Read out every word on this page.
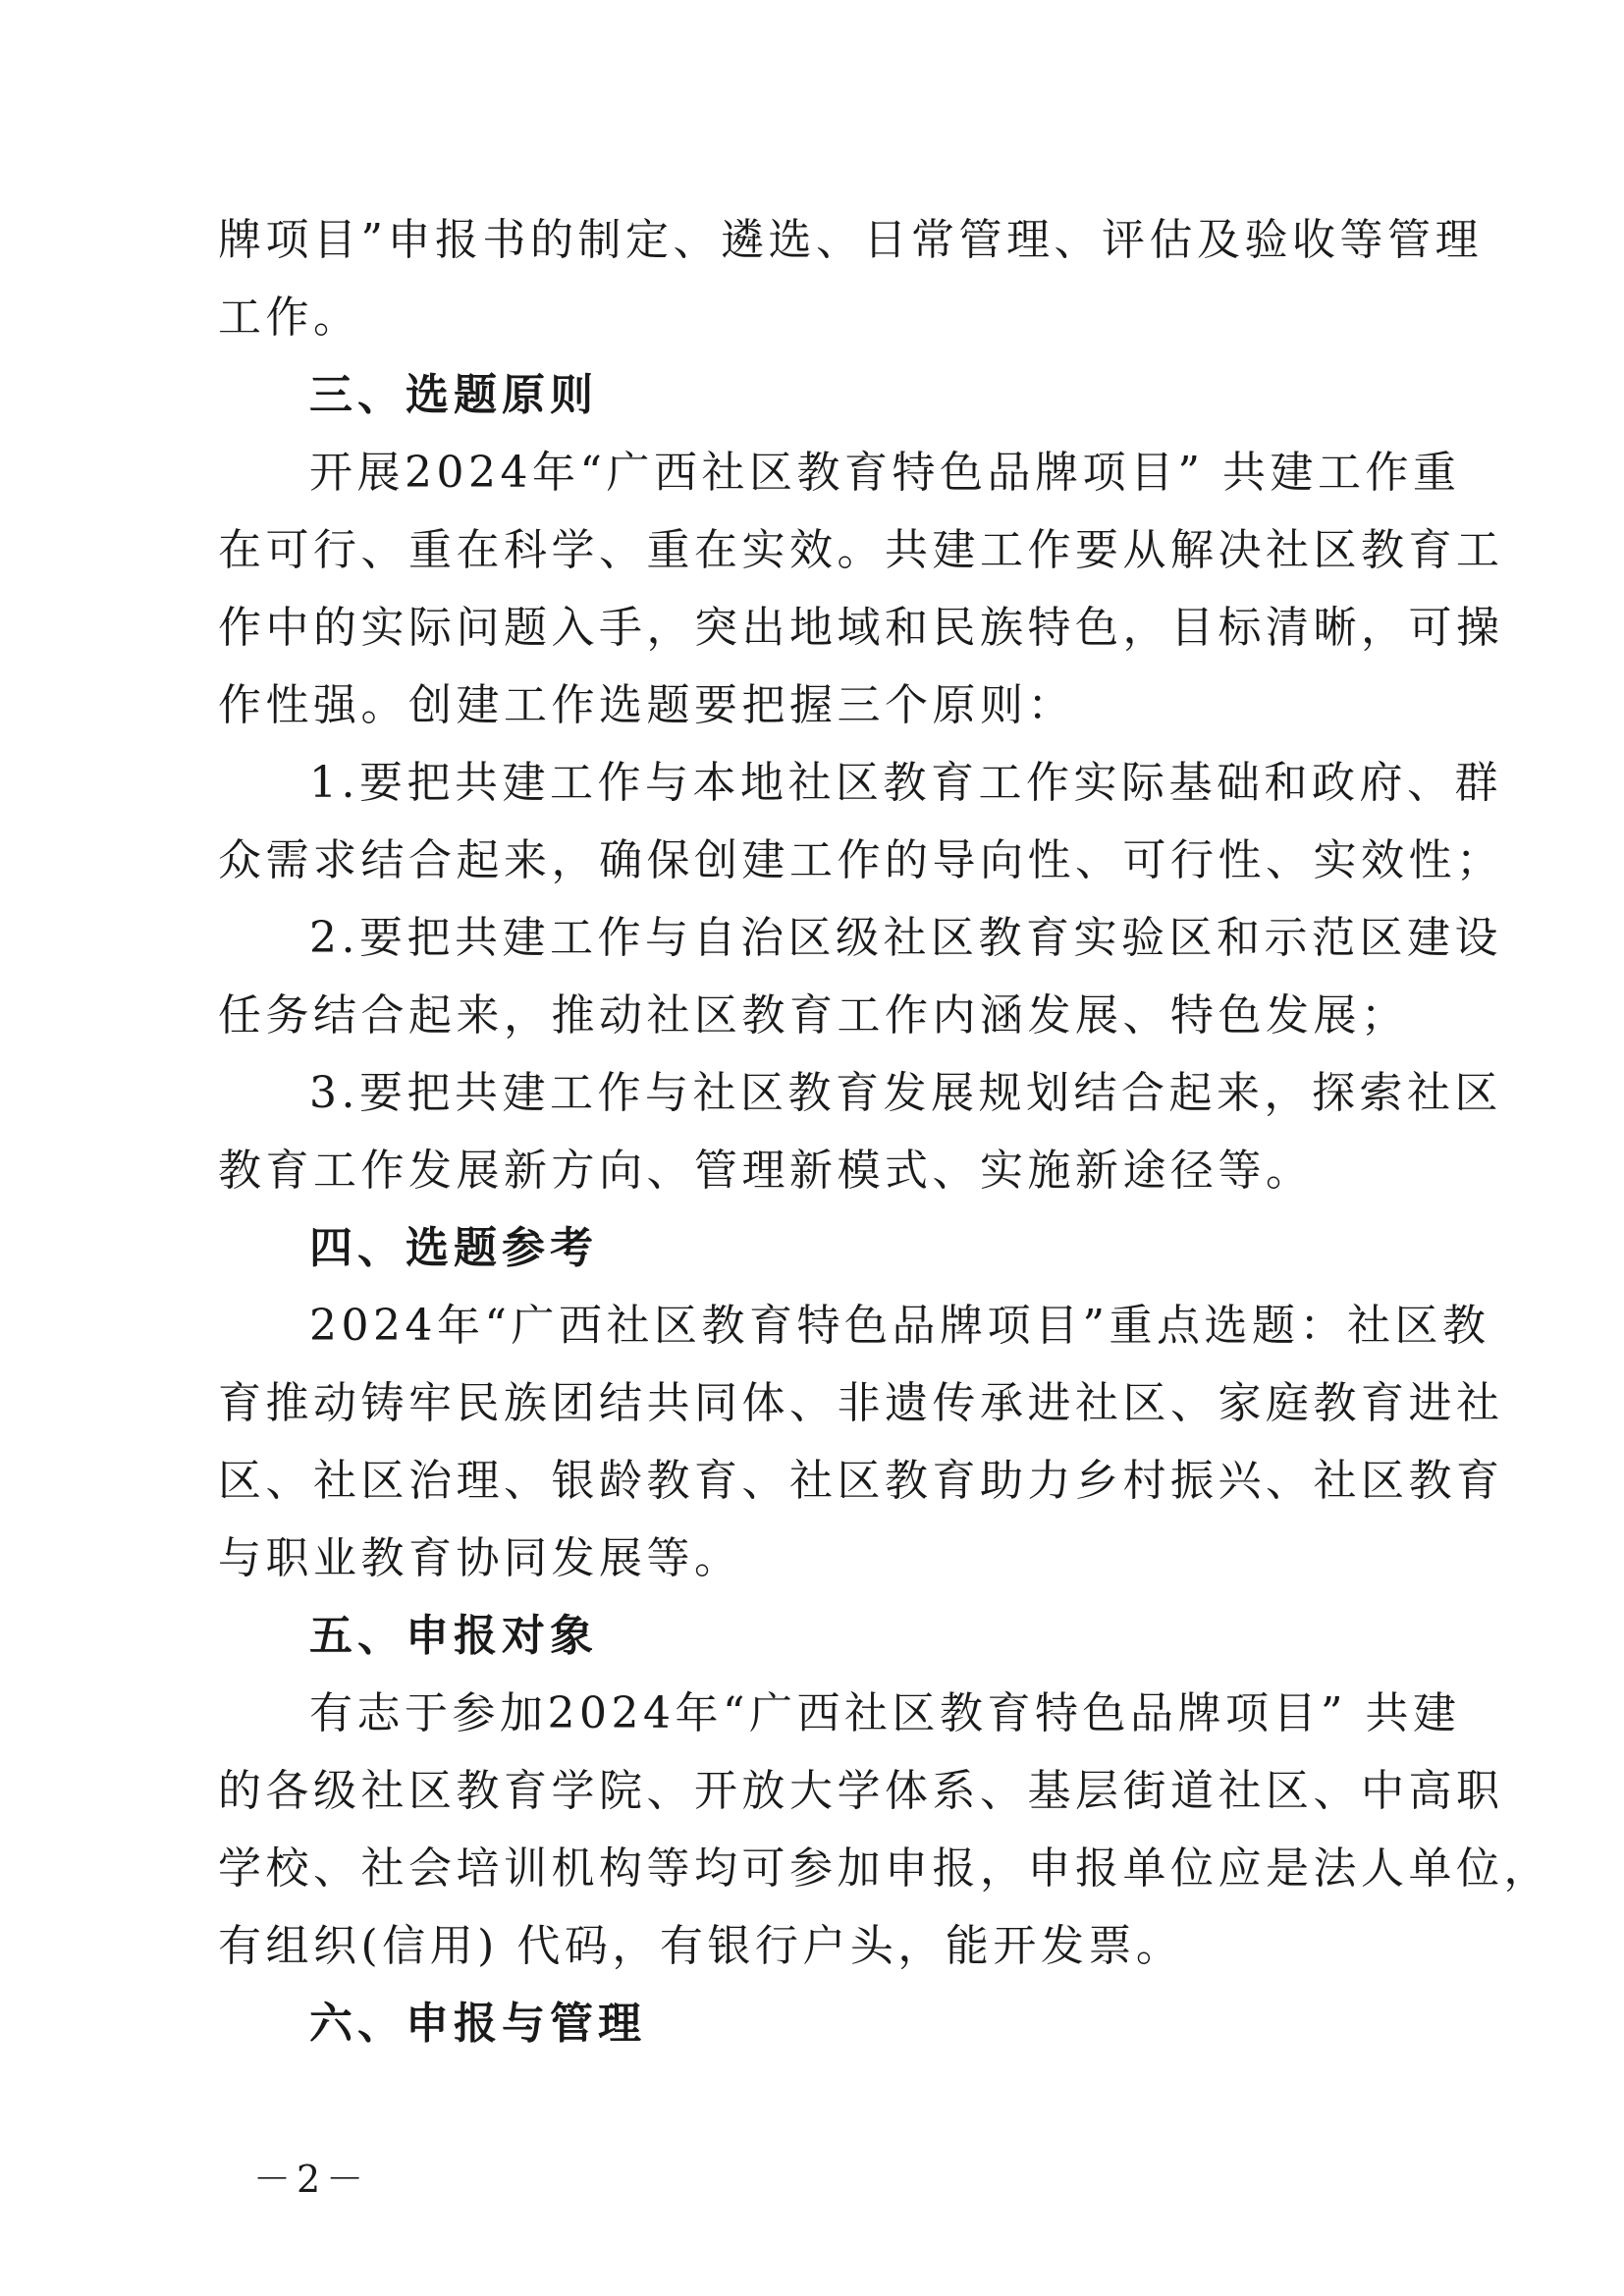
牌项目”申报书的制定、遴选、日常管理、评估及验收等管理
工作。
三、选题原则
开展2024年“广西社区教育特色品牌项目” 共建工作重
在可行、重在科学、重在实效。共建工作要从解决社区教育工
作中的实际问题入手，突出地域和民族特色，目标清晰，可操
作性强。创建工作选题要把握三个原则：
1.要把共建工作与本地社区教育工作实际基础和政府、群
众需求结合起来，确保创建工作的导向性、可行性、实效性；
2.要把共建工作与自治区级社区教育实验区和示范区建设
任务结合起来，推动社区教育工作内涵发展、特色发展；
3.要把共建工作与社区教育发展规划结合起来，探索社区
教育工作发展新方向、管理新模式、实施新途径等。
四、选题参考
2024年“广西社区教育特色品牌项目”重点选题：社区教
育推动铸牢民族团结共同体、非遗传承进社区、家庭教育进社
区、社区治理、银龄教育、社区教育助力乡村振兴、社区教育
与职业教育协同发展等。
五、申报对象
有志于参加2024年“广西社区教育特色品牌项目” 共建
的各级社区教育学院、开放大学体系、基层街道社区、中高职
学校、社会培训机构等均可参加申报，申报单位应是法人单位，
有组织(信用) 代码，有银行户头，能开发票。
六、申报与管理
－2－
